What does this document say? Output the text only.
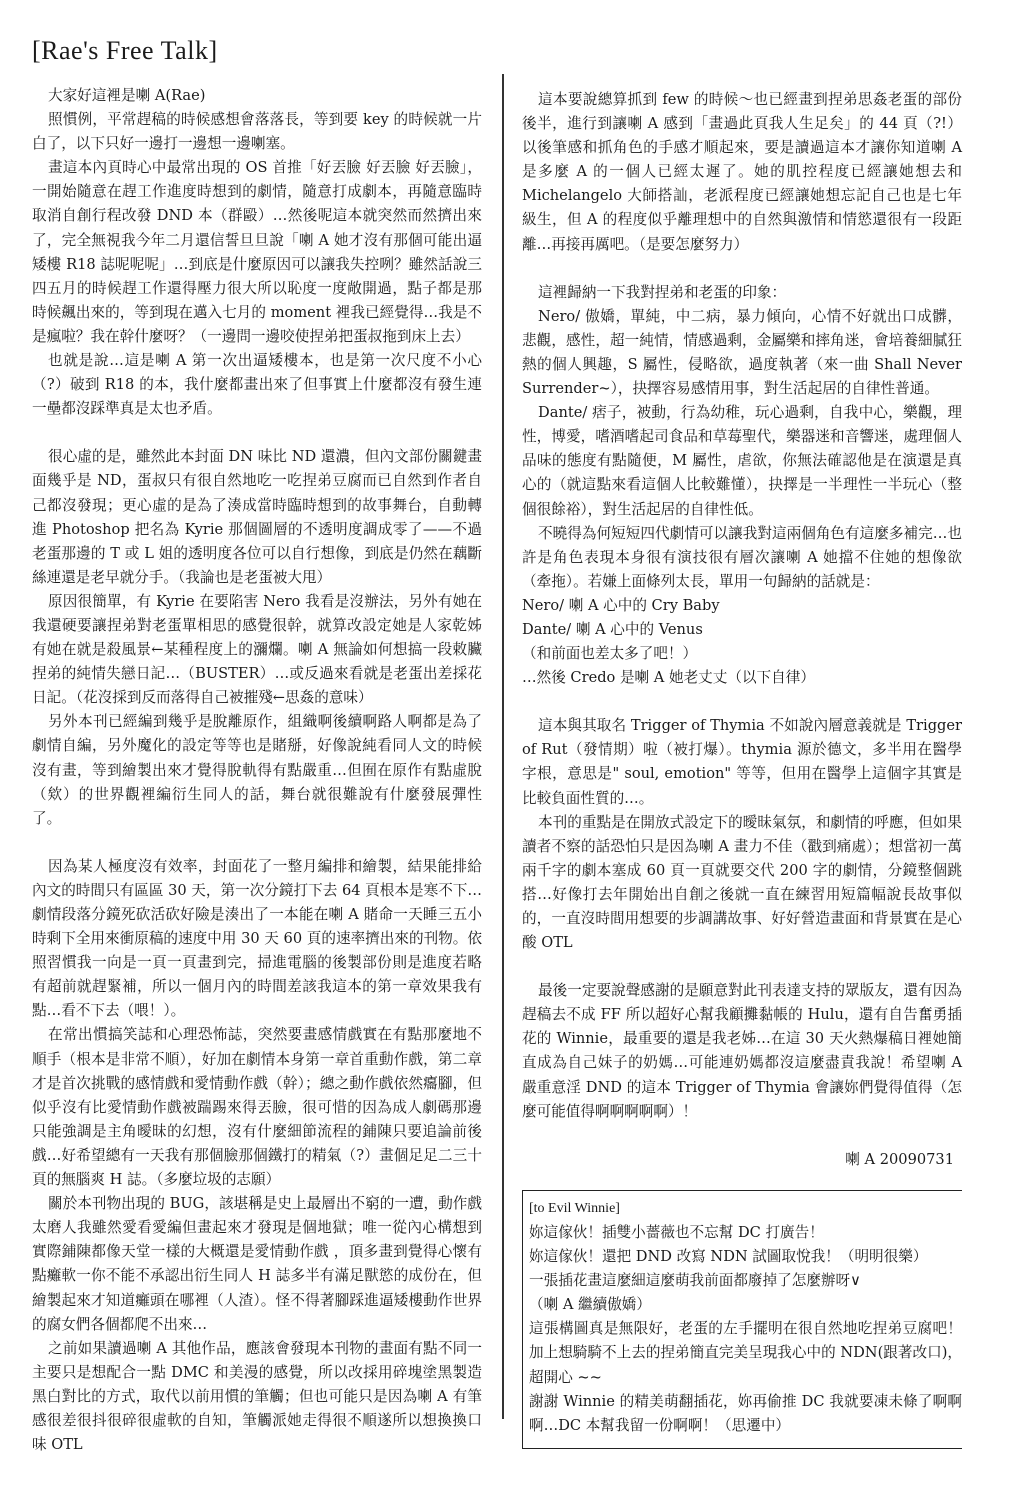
[Rae's Free Talk]

大家好這裡是喇 A(Rae)

照慣例，平常趕稿的時候感想會落落長，等到要 key 的時候就一片白了，以下只好一邊打一邊想一邊喇塞。

畫這本內頁時心中最常出現的 OS 首推「好丟臉 好丟臉 好丟臉」，一開始隨意在趕工作進度時想到的劇情，隨意打成劇本，再隨意臨時取消自創行程改發 DND 本（群毆）…然後呢這本就突然而然擠出來了，完全無視我今年二月還信誓旦旦說「喇 A 她才沒有那個可能出逼矮樓 R18 誌呢呢呢」…到底是什麼原因可以讓我失控咧？雖然話說三四五月的時候趕工作還得壓力很大所以恥度一度敞開過，點子都是那時候飆出來的，等到現在邁入七月的 moment 裡我已經覺得…我是不是瘋啦？我在幹什麼呀？（一邊問一邊咬使捏弟把蛋叔拖到床上去）

也就是說…這是喇 A 第一次出逼矮樓本，也是第一次尺度不小心（?）破到 R18 的本，我什麼都畫出來了但事實上什麼都沒有發生連一壘都沒踩準真是太也矛盾。

很心虛的是，雖然此本封面 DN 味比 ND 還濃，但內文部份關鍵畫面幾乎是 ND，蛋叔只有很自然地吃一吃捏弟豆腐而已自然到作者自己都沒發現；更心虛的是為了湊成當時臨時想到的故事舞台，自動轉進 Photoshop 把名為 Kyrie 那個圖層的不透明度調成零了——不過老蛋那邊的 T 或 L 姐的透明度各位可以自行想像，到底是仍然在藕斷絲連還是老早就分手。（我論也是老蛋被大甩）

原因很簡單，有 Kyrie 在要陷害 Nero 我看是沒辦法，另外有她在我還硬要讓捏弟對老蛋單相思的感覺很幹，就算改設定她是人家乾姊有她在就是殺風景←某種程度上的瀰爛。喇 A 無論如何想搞一段敕臟捏弟的純情失戀日記…（BUSTER）…或反過來看就是老蛋出差採花日記。（花沒採到反而落得自己被摧殘←思姦的意味）

另外本刊已經編到幾乎是脫離原作，組織啊後續啊路人啊都是為了劇情自編，另外魔化的設定等等也是賭掰，好像說純看同人文的時候沒有畫，等到繪製出來才覺得脫軌得有點嚴重…但囿在原作有點虛脫（欸）的世界觀裡編衍生同人的話，舞台就很難說有什麼發展彈性了。

因為某人極度沒有效率，封面花了一整月編排和繪製，結果能排給內文的時間只有區區 30 天，第一次分鏡打下去 64 頁根本是寒不下…劇情段落分鏡死砍活砍好險是湊出了一本能在喇 A 賭命一天睡三五小時剩下全用來衝原稿的速度中用 30 天 60 頁的速率擠出來的刊物。依照習慣我一向是一頁一頁畫到完，掃進電腦的後製部份則是進度若略有超前就趕緊補，所以一個月內的時間差該我這本的第一章效果我有點…看不下去（喂！）。

在常出慣搞笑誌和心理恐怖誌，突然要畫感情戲實在有點那麼地不順手（根本是非常不順），好加在劇情本身第一章首重動作戲，第二章才是首次挑戰的感情戲和愛情動作戲（幹）；總之動作戲依然癟腳，但似乎沒有比愛情動作戲被踹踢來得丟臉，很可惜的因為成人劇碼那邊只能強調是主角曖昧的幻想，沒有什麼細節流程的鋪陳只要追論前後戲…好希望總有一天我有那個臉那個鐵打的精氣（?）畫個足足二三十頁的無腦爽 H 誌。（多麼垃圾的志願）

關於本刊物出現的 BUG，該堪稱是史上最層出不窮的一遭，動作戲太磨人我雖然愛看愛編但畫起來才發現是個地獄；唯一從內心構想到實際鋪陳都像天堂一樣的大概還是愛情動作戲 ，頂多畫到覺得心懷有點癱軟一你不能不承認出衍生同人 H 誌多半有滿足獸慾的成份在，但繪製起來才知道癱頭在哪裡（人渣）。怪不得著腳踩進逼矮樓動作世界的腐女們各個都爬不出來…

之前如果讀過喇 A 其他作品，應該會發現本刊物的畫面有點不同一主要只是想配合一點 DMC 和美漫的感覺，所以改採用碎塊塗黑製造黑白對比的方式，取代以前用慣的筆觸；但也可能只是因為喇 A 有筆感很差很抖很碎很虛軟的自知，筆觸派她走得很不順遂所以想換換口味 OTL

這本要說總算抓到 few 的時候～也已經畫到捏弟思姦老蛋的部份後半，進行到讓喇 A 感到「畫過此頁我人生足矣」的 44 頁（?!）以後筆感和抓角色的手感才順起來，要是讀過這本才讓你知道喇 A 是多麼 A 的一個人已經太遲了。她的肌控程度已經讓她想去和 Michelangelo 大師搭訕，老派程度已經讓她想忘記自己也是七年級生，但 A 的程度似乎離理想中的自然與激情和情慾還很有一段距離…再接再厲吧。（是要怎麼努力）

這裡歸納一下我對捏弟和老蛋的印象：

Nero/ 傲嬌，單純，中二病，暴力傾向，心情不好就出口成髒，悲觀，感性，超一純情，情感過剩，金屬樂和摔角迷，會培養細膩狂熱的個人興趣，S 屬性，侵略欲，過度執著（來一曲 Shall Never Surrender~），抉擇容易感情用事，對生活起居的自律性普通。

Dante/ 痞子，被動，行為幼稚，玩心過剩，自我中心，樂觀，理性，博愛，嗜酒嗜起司食品和草莓聖代，樂器迷和音響迷，處理個人品味的態度有點隨便，M 屬性，虐欲，你無法確認他是在演還是真心的（就這點來看這個人比較難懂），抉擇是一半理性一半玩心（整個很餘裕），對生活起居的自律性低。

不曉得為何短短四代劇情可以讓我對這兩個角色有這麼多補完…也許是角色表現本身很有演技很有層次讓喇 A 她擋不住她的想像欲（牽拖）。若嫌上面條列太長，單用一句歸納的話就是：

Nero/ 喇 A 心中的 Cry Baby

Dante/ 喇 A 心中的 Venus

（和前面也差太多了吧！）

…然後 Credo 是喇 A 她老丈丈（以下自律）

這本與其取名 Trigger of Thymia 不如說內層意義就是 Trigger of Rut（發情期）啦（被打爆）。thymia 源於德文，多半用在醫學字根，意思是" soul, emotion" 等等，但用在醫學上這個字其實是比較負面性質的…。

本刊的重點是在開放式設定下的曖昧氣氛，和劇情的呼應，但如果讀者不察的話恐怕只是因為喇 A 畫力不佳（戳到痛處）；想當初一萬兩千字的劇本塞成 60 頁一頁就要交代 200 字的劇情，分鏡整個跳搭…好像打去年開始出自創之後就一直在練習用短篇幅說長故事似的，一直沒時間用想要的步調講故事、好好營造畫面和背景實在是心酸 OTL

最後一定要說聲感謝的是願意對此刊表達支持的眾版友，還有因為趕稿去不成 FF 所以超好心幫我顧攤黏帳的 Hulu，還有自告奮勇插花的 Winnie，最重要的還是我老姊…在這 30 天火熱爆稿日裡她簡直成為自己妹子的奶媽…可能連奶媽都沒這麼盡責我說！希望喇 A 嚴重意淫 DND 的這本 Trigger of Thymia 會讓妳們覺得值得（怎麼可能值得啊啊啊啊啊）！

喇 A 20090731

[to Evil Winnie]

妳這傢伙！插雙小薔薇也不忘幫 DC 打廣告！

妳這傢伙！還把 DND 改寫 NDN 試圖取悅我！（明明很樂）

一張插花畫這麼細這麼萌我前面都廢掉了怎麼辦呀∨

（喇 A 繼續傲嬌）

這張構圖真是無限好，老蛋的左手擺明在很自然地吃捏弟豆腐吧！加上想騎騎不上去的捏弟簡直完美呈現我心中的 NDN(跟著改口)，超開心 ~~

謝謝 Winnie 的精美萌翻插花，妳再偷推 DC 我就要凍未條了啊啊啊…DC 本幫我留一份啊啊！（思遷中）
